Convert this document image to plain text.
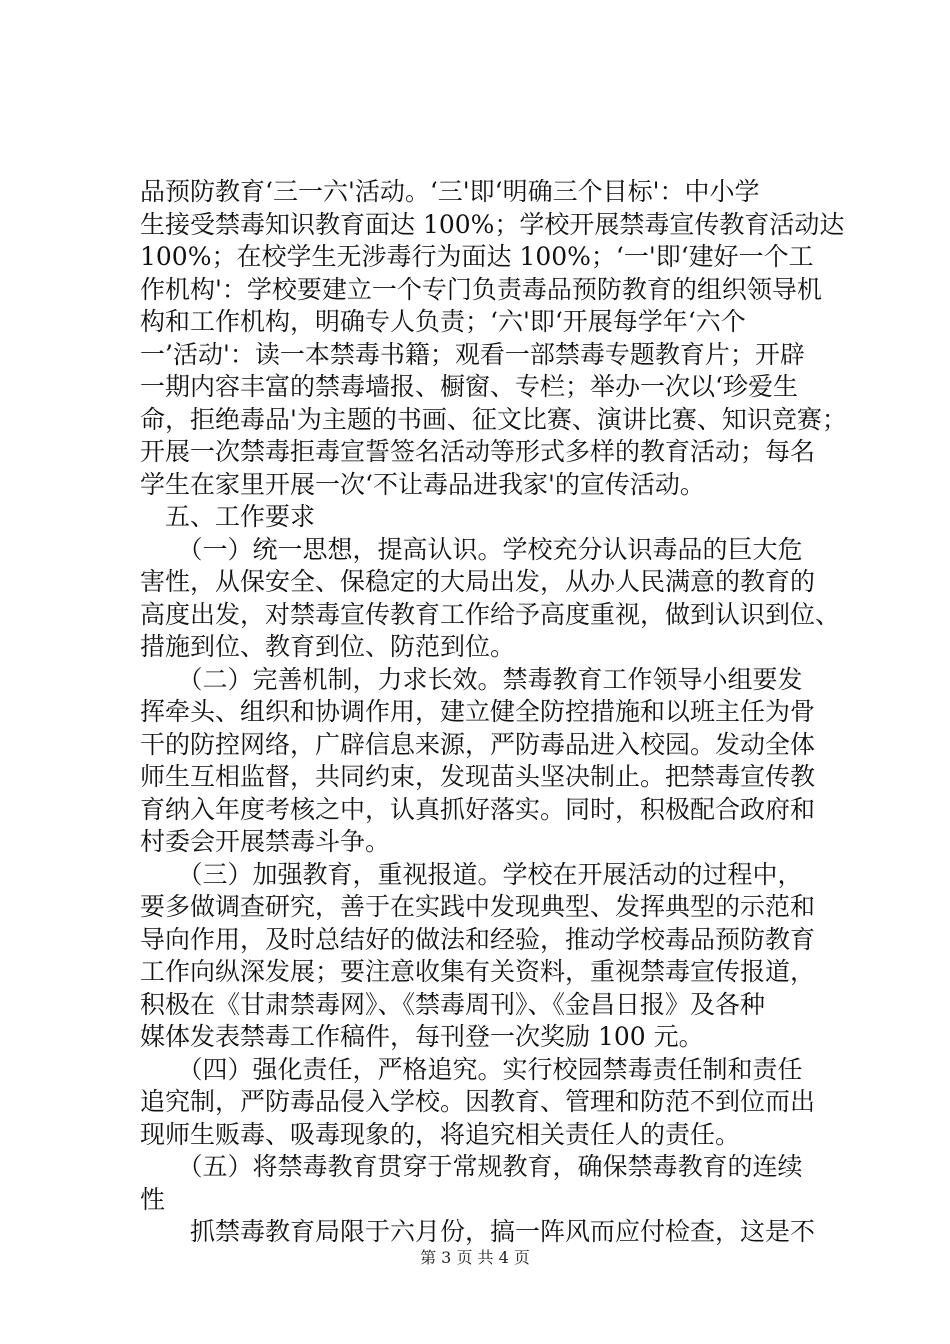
品预防教育‘三一六'活动。‘三'即‘明确三个目标'：中小学
生接受禁毒知识教育面达 100%；学校开展禁毒宣传教育活动达
100%；在校学生无涉毒行为面达 100%；‘一'即‘建好一个工
作机构'：学校要建立一个专门负责毒品预防教育的组织领导机
构和工作机构，明确专人负责；‘六'即‘开展每学年‘六个
一’活动'：读一本禁毒书籍；观看一部禁毒专题教育片；开辟
一期内容丰富的禁毒墙报、橱窗、专栏；举办一次以‘珍爱生
命，拒绝毒品'为主题的书画、征文比赛、演讲比赛、知识竞赛；
开展一次禁毒拒毒宣誓签名活动等形式多样的教育活动；每名
学生在家里开展一次‘不让毒品进我家'的宣传活动。
　五、工作要求
　　（一）统一思想，提高认识。学校充分认识毒品的巨大危
害性，从保安全、保稳定的大局出发，从办人民满意的教育的
高度出发，对禁毒宣传教育工作给予高度重视，做到认识到位、
措施到位、教育到位、防范到位。
　　（二）完善机制，力求长效。禁毒教育工作领导小组要发
挥牵头、组织和协调作用，建立健全防控措施和以班主任为骨
干的防控网络，广辟信息来源，严防毒品进入校园。发动全体
师生互相监督，共同约束，发现苗头坚决制止。把禁毒宣传教
育纳入年度考核之中，认真抓好落实。同时，积极配合政府和
村委会开展禁毒斗争。
　　（三）加强教育，重视报道。学校在开展活动的过程中，
要多做调查研究，善于在实践中发现典型、发挥典型的示范和
导向作用，及时总结好的做法和经验，推动学校毒品预防教育
工作向纵深发展；要注意收集有关资料，重视禁毒宣传报道，
积极在《甘肃禁毒网》、《禁毒周刊》、《金昌日报》及各种
媒体发表禁毒工作稿件，每刊登一次奖励 100 元。
　　（四）强化责任，严格追究。实行校园禁毒责任制和责任
追究制，严防毒品侵入学校。因教育、管理和防范不到位而出
现师生贩毒、吸毒现象的，将追究相关责任人的责任。
　　（五）将禁毒教育贯穿于常规教育，确保禁毒教育的连续
性
　　抓禁毒教育局限于六月份，搞一阵风而应付检查，这是不
第 3 页 共 4 页
